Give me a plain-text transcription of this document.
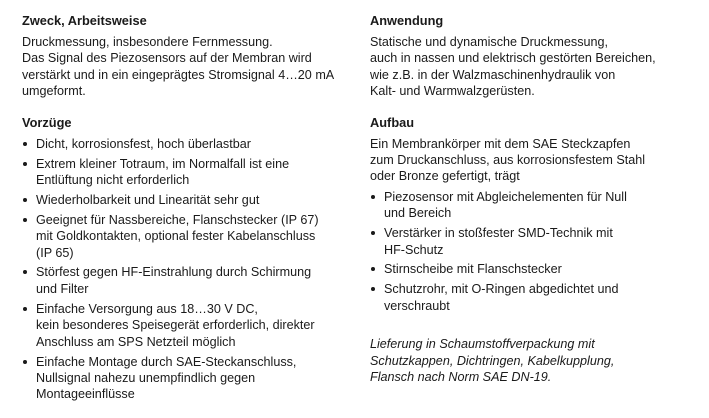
Zweck, Arbeitsweise

Druckmessung, insbesondere Fernmessung.
Das Signal des Piezosensors auf der Membran wird
verstärkt und in ein eingeprägtes Stromsignal 4…20 mA
umgeformt.

Vorzüge
Dicht, korrosionsfest, hoch überlastbar
Extrem kleiner Totraum, im Normalfall ist eine
Entlüftung nicht erforderlich
Wiederholbarkeit und Linearität sehr gut
Geeignet für Nassbereiche, Flanschstecker (IP 67)
mit Goldkontakten, optional fester Kabelanschluss
(IP 65)
Störfest gegen HF-Einstrahlung durch Schirmung
und Filter
Einfache Versorgung aus 18…30 V DC,
kein besonderes Speisegerät erforderlich, direkter
Anschluss am SPS Netzteil möglich
Einfache Montage durch SAE-Steckanschluss,
Nullsignal nahezu unempfindlich gegen
Montageeinflüsse
Anwendung

Statische und dynamische Druckmessung,
auch in nassen und elektrisch gestörten Bereichen,
wie z.B. in der Walzmaschinenhydraulik von
Kalt- und Warmwalzgerüsten.

Aufbau

Ein Membrankörper mit dem SAE Steckzapfen
zum Druckanschluss, aus korrosionsfestem Stahl
oder Bronze gefertigt, trägt

Piezosensor mit Abgleichelementen für Null
und Bereich
Verstärker in stoßfester SMD-Technik mit
HF-Schutz
Stirnscheibe mit Flanschstecker
Schutzrohr, mit O-Ringen abgedichtet und
verschraubt

Lieferung in Schaumstoffverpackung mit
Schutzkappen, Dichtringen, Kabelkupplung,
Flansch nach Norm SAE DN-19.
